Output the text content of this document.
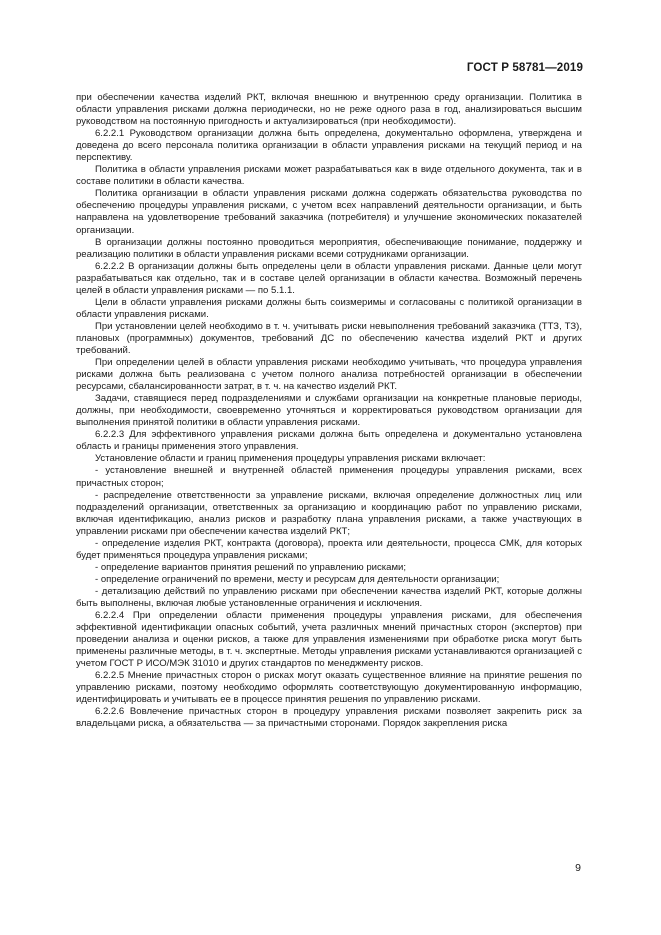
ГОСТ Р 58781—2019

при обеспечении качества изделий РКТ, включая внешнюю и внутреннюю среду организации. Политика в области управления рисками должна периодически, но не реже одного раза в год, анализироваться высшим руководством на постоянную пригодность и актуализироваться (при необходимости).

6.2.2.1 Руководством организации должна быть определена, документально оформлена, утверждена и доведена до всего персонала политика организации в области управления рисками на текущий период и на перспективу.

Политика в области управления рисками может разрабатываться как в виде отдельного документа, так и в составе политики в области качества.

Политика организации в области управления рисками должна содержать обязательства руководства по обеспечению процедуры управления рисками, с учетом всех направлений деятельности организации, и быть направлена на удовлетворение требований заказчика (потребителя) и улучшение экономических показателей организации.

В организации должны постоянно проводиться мероприятия, обеспечивающие понимание, поддержку и реализацию политики в области управления рисками всеми сотрудниками организации.

6.2.2.2 В организации должны быть определены цели в области управления рисками. Данные цели могут разрабатываться как отдельно, так и в составе целей организации в области качества. Возможный перечень целей в области управления рисками — по 5.1.1.

Цели в области управления рисками должны быть соизмеримы и согласованы с политикой организации в области управления рисками.

При установлении целей необходимо в т. ч. учитывать риски невыполнения требований заказчика (ТТЗ, ТЗ), плановых (программных) документов, требований ДС по обеспечению качества изделий РКТ и других требований.

При определении целей в области управления рисками необходимо учитывать, что процедура управления рисками должна быть реализована с учетом полного анализа потребностей организации в обеспечении ресурсами, сбалансированности затрат, в т. ч. на качество изделий РКТ.

Задачи, ставящиеся перед подразделениями и службами организации на конкретные плановые периоды, должны, при необходимости, своевременно уточняться и корректироваться руководством организации для выполнения принятой политики в области управления рисками.

6.2.2.3 Для эффективного управления рисками должна быть определена и документально установлена область и границы применения этого управления.

Установление области и границ применения процедуры управления рисками включает:

- установление внешней и внутренней областей применения процедуры управления рисками, всех причастных сторон;

- распределение ответственности за управление рисками, включая определение должностных лиц или подразделений организации, ответственных за организацию и координацию работ по управлению рисками, включая идентификацию, анализ рисков и разработку плана управления рисками, а также участвующих в управлении рисками при обеспечении качества изделий РКТ;

- определение изделия РКТ, контракта (договора), проекта или деятельности, процесса СМК, для которых будет применяться процедура управления рисками;

- определение вариантов принятия решений по управлению рисками;

- определение ограничений по времени, месту и ресурсам для деятельности организации;

- детализацию действий по управлению рисками при обеспечении качества изделий РКТ, которые должны быть выполнены, включая любые установленные ограничения и исключения.

6.2.2.4 При определении области применения процедуры управления рисками, для обеспечения эффективной идентификации опасных событий, учета различных мнений причастных сторон (экспертов) при проведении анализа и оценки рисков, а также для управления изменениями при обработке риска могут быть применены различные методы, в т. ч. экспертные. Методы управления рисками устанавливаются организацией с учетом ГОСТ Р ИСО/МЭК 31010 и других стандартов по менеджменту рисков.

6.2.2.5 Мнение причастных сторон о рисках могут оказать существенное влияние на принятие решения по управлению рисками, поэтому необходимо оформлять соответствующую документированную информацию, идентифицировать и учитывать ее в процессе принятия решения по управлению рисками.

6.2.2.6 Вовлечение причастных сторон в процедуру управления рисками позволяет закрепить риск за владельцами риска, а обязательства — за причастными сторонами. Порядок закрепления риска

9
